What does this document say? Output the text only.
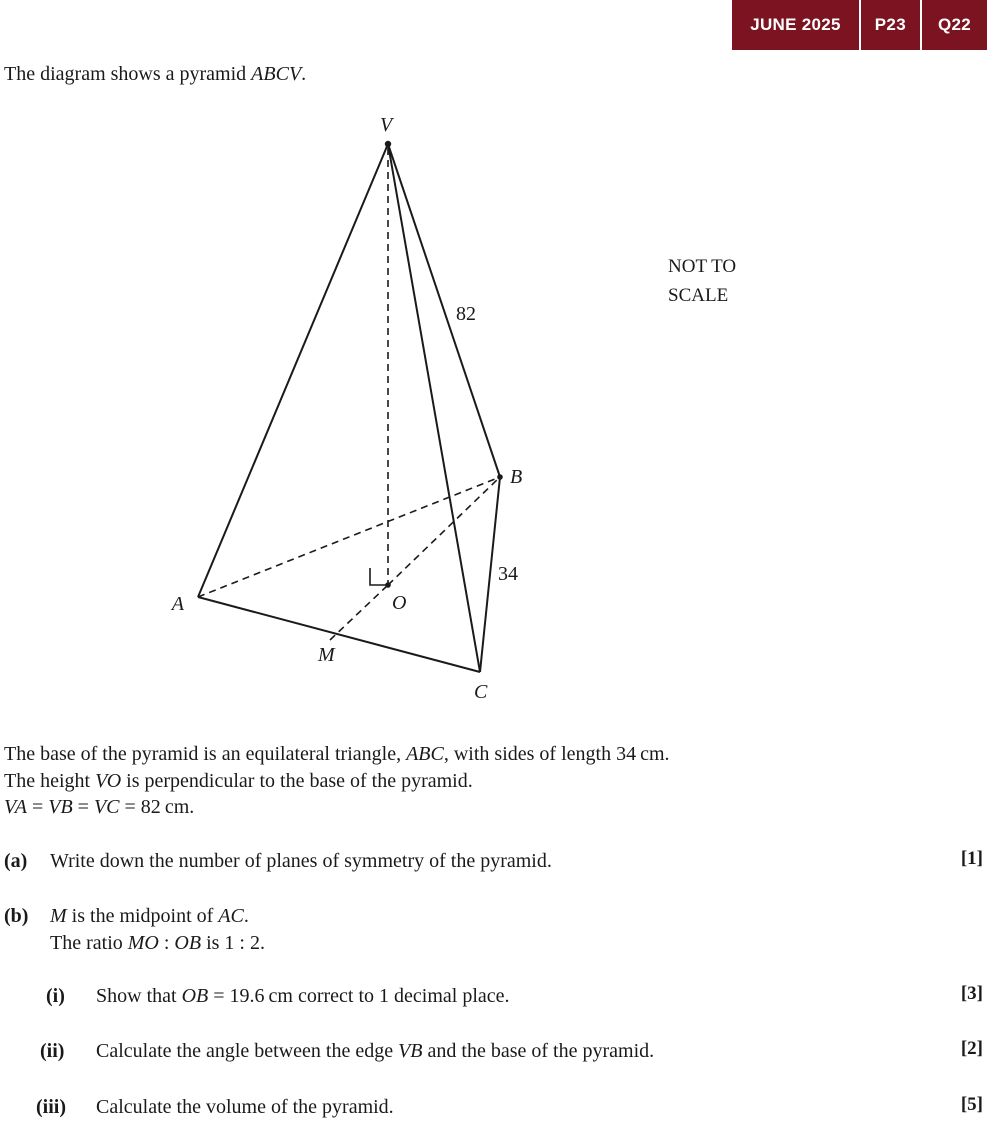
JUNE 2025	P23	Q22
The diagram shows a pyramid ABCV.
NOT TO
SCALE
V
A
B
C
O
M
82
34
The base of the pyramid is an equilateral triangle, ABC, with sides of length 34  cm.
The height VO is perpendicular to the base of the pyramid.
VA = VB = VC = 82  cm.
(a) Write down the number of planes of symmetry of the pyramid.	[1]
(b) M is the midpoint of AC.
The ratio MO : OB is 1 : 2.
(i) Show that OB = 19.6  cm correct to 1 decimal place.	[3]
(ii) Calculate the angle between the edge VB and the base of the pyramid.	[2]
(iii) Calculate the volume of the pyramid.	[5]
